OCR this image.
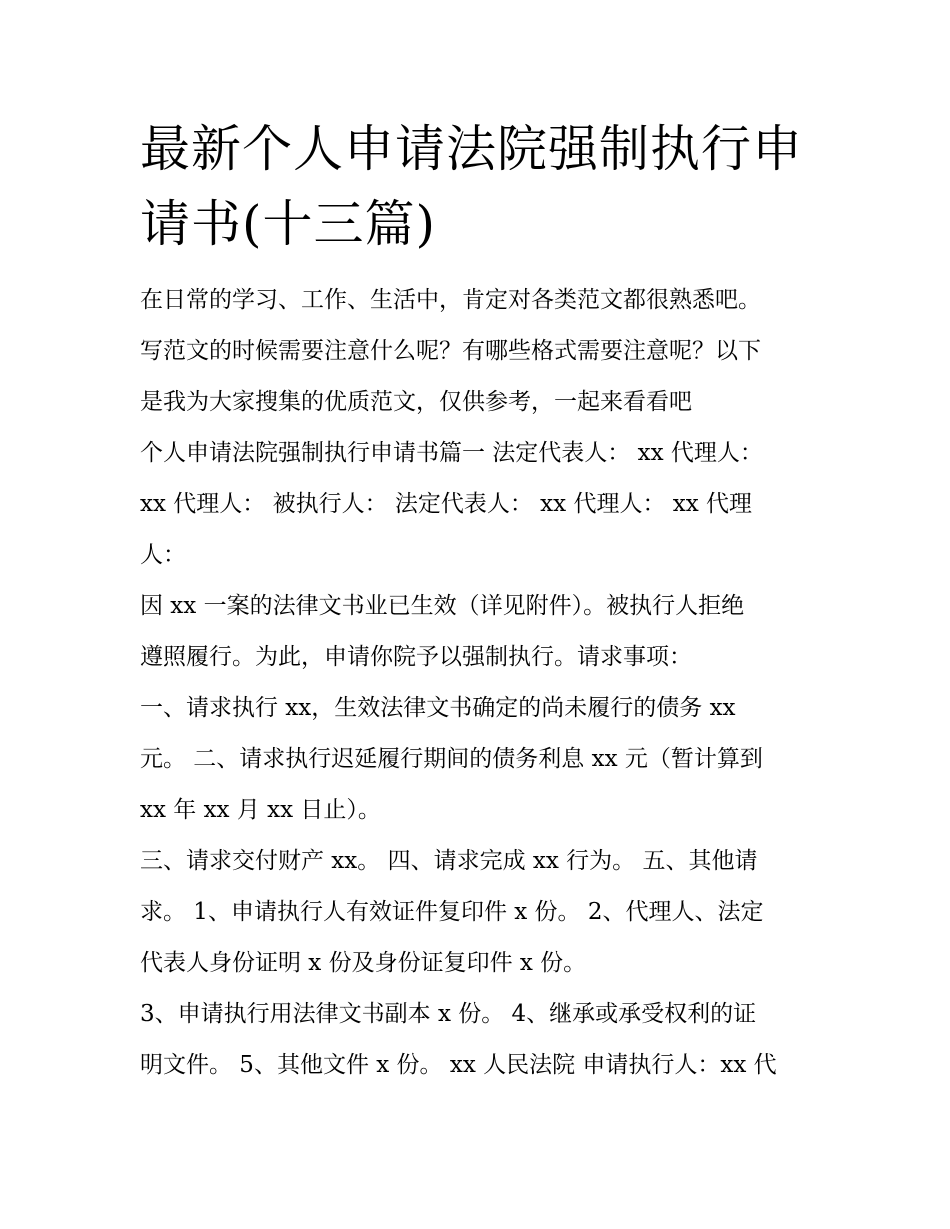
最新个人申请法院强制执行申
请书(十三篇)

在日常的学习、工作、生活中，肯定对各类范文都很熟悉吧。

写范文的时候需要注意什么呢？有哪些格式需要注意呢？以下

是我为大家搜集的优质范文，仅供参考，一起来看看吧

个人申请法院强制执行申请书篇一 法定代表人： xx 代理人：

xx 代理人： 被执行人： 法定代表人： xx 代理人： xx 代理

人：

因 xx 一案的法律文书业已生效（详见附件）。被执行人拒绝

遵照履行。为此，申请你院予以强制执行。请求事项：

一、请求执行 xx，生效法律文书确定的尚未履行的债务 xx

元。 二、请求执行迟延履行期间的债务利息 xx 元（暂计算到

xx 年 xx 月 xx 日止）。

三、请求交付财产 xx。 四、请求完成 xx 行为。 五、其他请

求。 1、申请执行人有效证件复印件 x 份。 2、代理人、法定

代表人身份证明 x 份及身份证复印件 x 份。

3、申请执行用法律文书副本 x 份。 4、继承或承受权利的证

明文件。 5、其他文件 x 份。 xx 人民法院 申请执行人：xx 代
